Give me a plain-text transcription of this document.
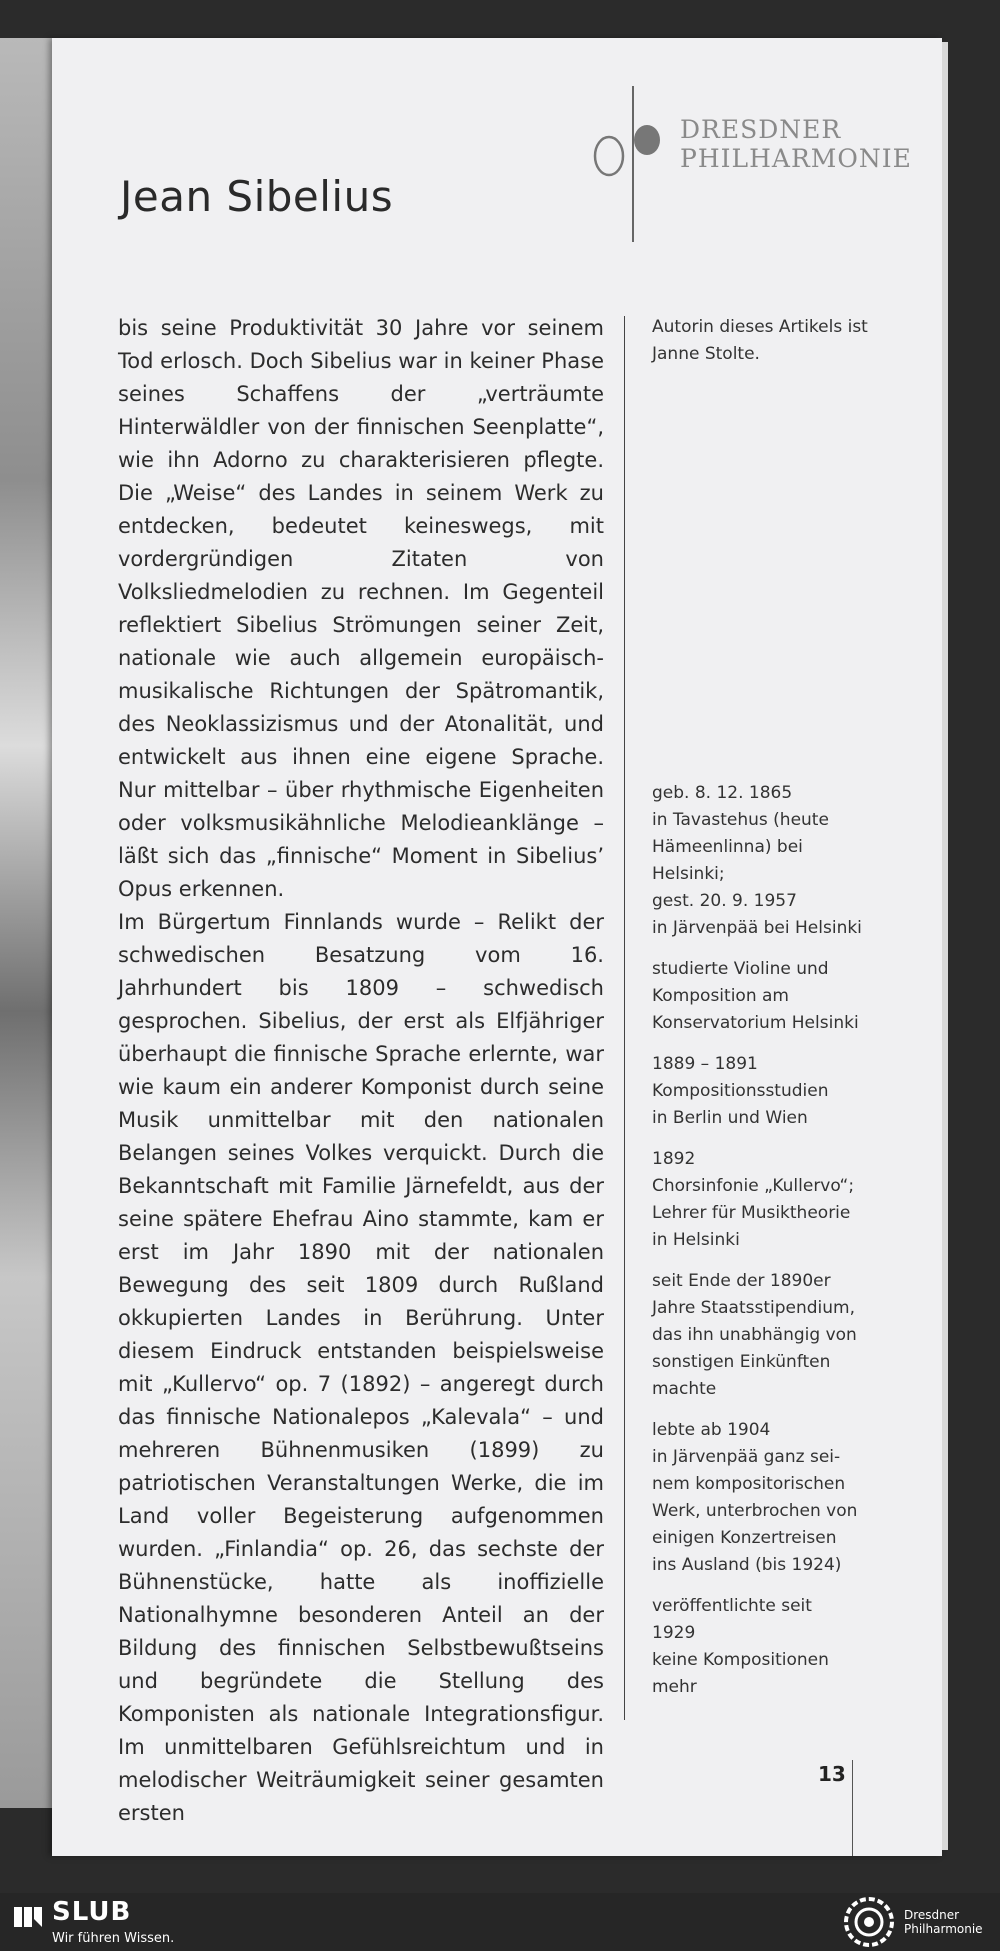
DRESDNER
PHILHARMONIE
Jean Sibelius

bis seine Produktivität 30 Jahre vor seinem Tod erlosch. Doch Sibelius war in keiner Phase seines Schaffens der „verträumte Hinterwäldler von der finnischen Seenplatte“, wie ihn Adorno zu charakterisieren pflegte. Die „Weise“ des Landes in seinem Werk zu entdecken, bedeutet keineswegs, mit vordergründigen Zitaten von Volksliedmelodien zu rechnen. Im Gegenteil reflektiert Sibelius Strömungen seiner Zeit, nationale wie auch allgemein europäisch-musikalische Richtungen der Spätromantik, des Neoklassizismus und der Atonalität, und entwickelt aus ihnen eine eigene Sprache. Nur mittelbar – über rhythmische Eigenheiten oder volksmusikähnliche Melodieanklänge – läßt sich das „finnische“ Moment in Sibelius’ Opus erkennen.

Im Bürgertum Finnlands wurde – Relikt der schwedischen Besatzung vom 16. Jahrhundert bis 1809 – schwedisch gesprochen. Sibelius, der erst als Elfjähriger überhaupt die finnische Sprache erlernte, war wie kaum ein anderer Komponist durch seine Musik unmittelbar mit den nationalen Belangen seines Volkes verquickt. Durch die Bekanntschaft mit Familie Järnefeldt, aus der seine spätere Ehefrau Aino stammte, kam er erst im Jahr 1890 mit der nationalen Bewegung des seit 1809 durch Rußland okkupierten Landes in Berührung. Unter diesem Eindruck entstanden beispielsweise mit „Kullervo“ op. 7 (1892) – angeregt durch das finnische Nationalepos „Kalevala“ – und mehreren Bühnenmusiken (1899) zu patriotischen Veranstaltungen Werke, die im Land voller Begeisterung aufgenommen wurden. „Finlandia“ op. 26, das sechste der Bühnenstücke, hatte als inoffizielle Nationalhymne besonderen Anteil an der Bildung des finnischen Selbstbewußtseins und begründete die Stellung des Komponisten als nationale Integrationsfigur. Im unmittelbaren Gefühlsreichtum und in melodischer Weiträumigkeit seiner gesamten ersten

Autorin dieses Artikels ist Janne Stolte.

geb. 8. 12. 1865
in Tavastehus (heute
Hämeenlinna) bei
Helsinki;
gest. 20. 9. 1957
in Järvenpää bei Helsinki

studierte Violine und
Komposition am
Konservatorium Helsinki

1889 – 1891
Kompositionsstudien
in Berlin und Wien

1892
Chorsinfonie „Kullervo“;
Lehrer für Musiktheorie
in Helsinki

seit Ende der 1890er
Jahre Staatsstipendium,
das ihn unabhängig von
sonstigen Einkünften
machte

lebte ab 1904
in Järvenpää ganz sei-
nem kompositorischen
Werk, unterbrochen von
einigen Konzertreisen
ins Ausland (bis 1924)

veröffentlichte seit
1929
keine Kompositionen
mehr

13
SLUB
Wir führen Wissen.
Dresdner
Philharmonie
